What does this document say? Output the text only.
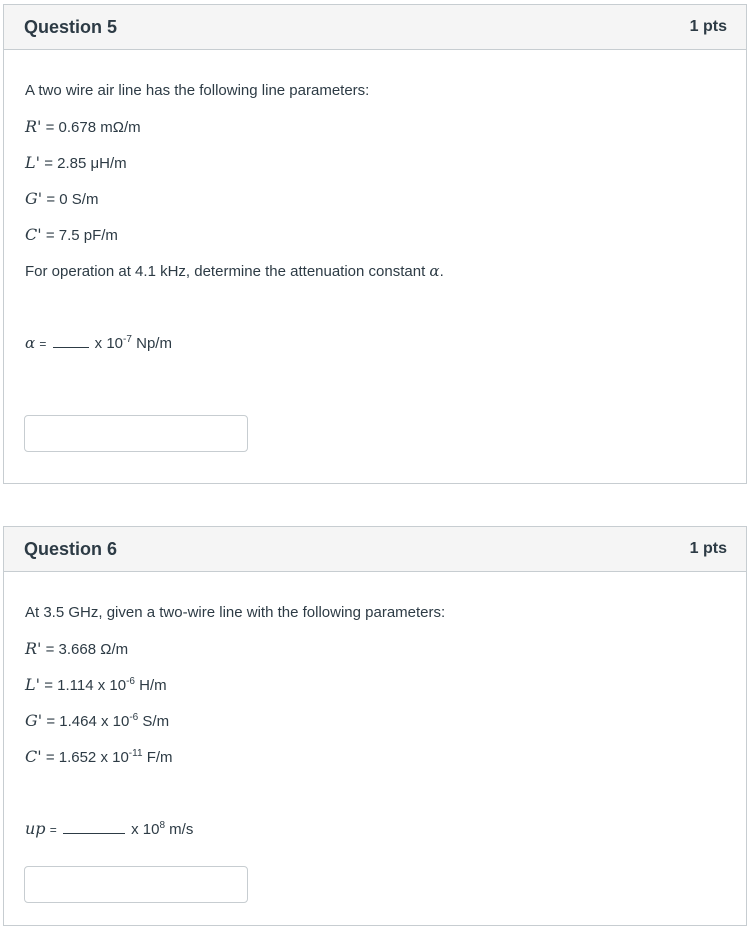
Question 5	1 pts
A two wire air line has the following line parameters:
R' = 0.678 mΩ/m
L' = 2.85 μH/m
G' = 0 S/m
C' = 7.5 pF/m
For operation at 4.1 kHz, determine the attenuation constant α.
α =	x $10^{-7}$ Np/m
Question 6	1 pts
At 3.5 GHz, given a two-wire line with the following parameters:
R' = 3.668 Ω/m
L' = 1.114 x $10^{-6}$ H/m
G' = 1.464 x $10^{-6}$ S/m
C' = 1.652 x $10^{-11}$ F/m
up =	x $10^8$ m/s
